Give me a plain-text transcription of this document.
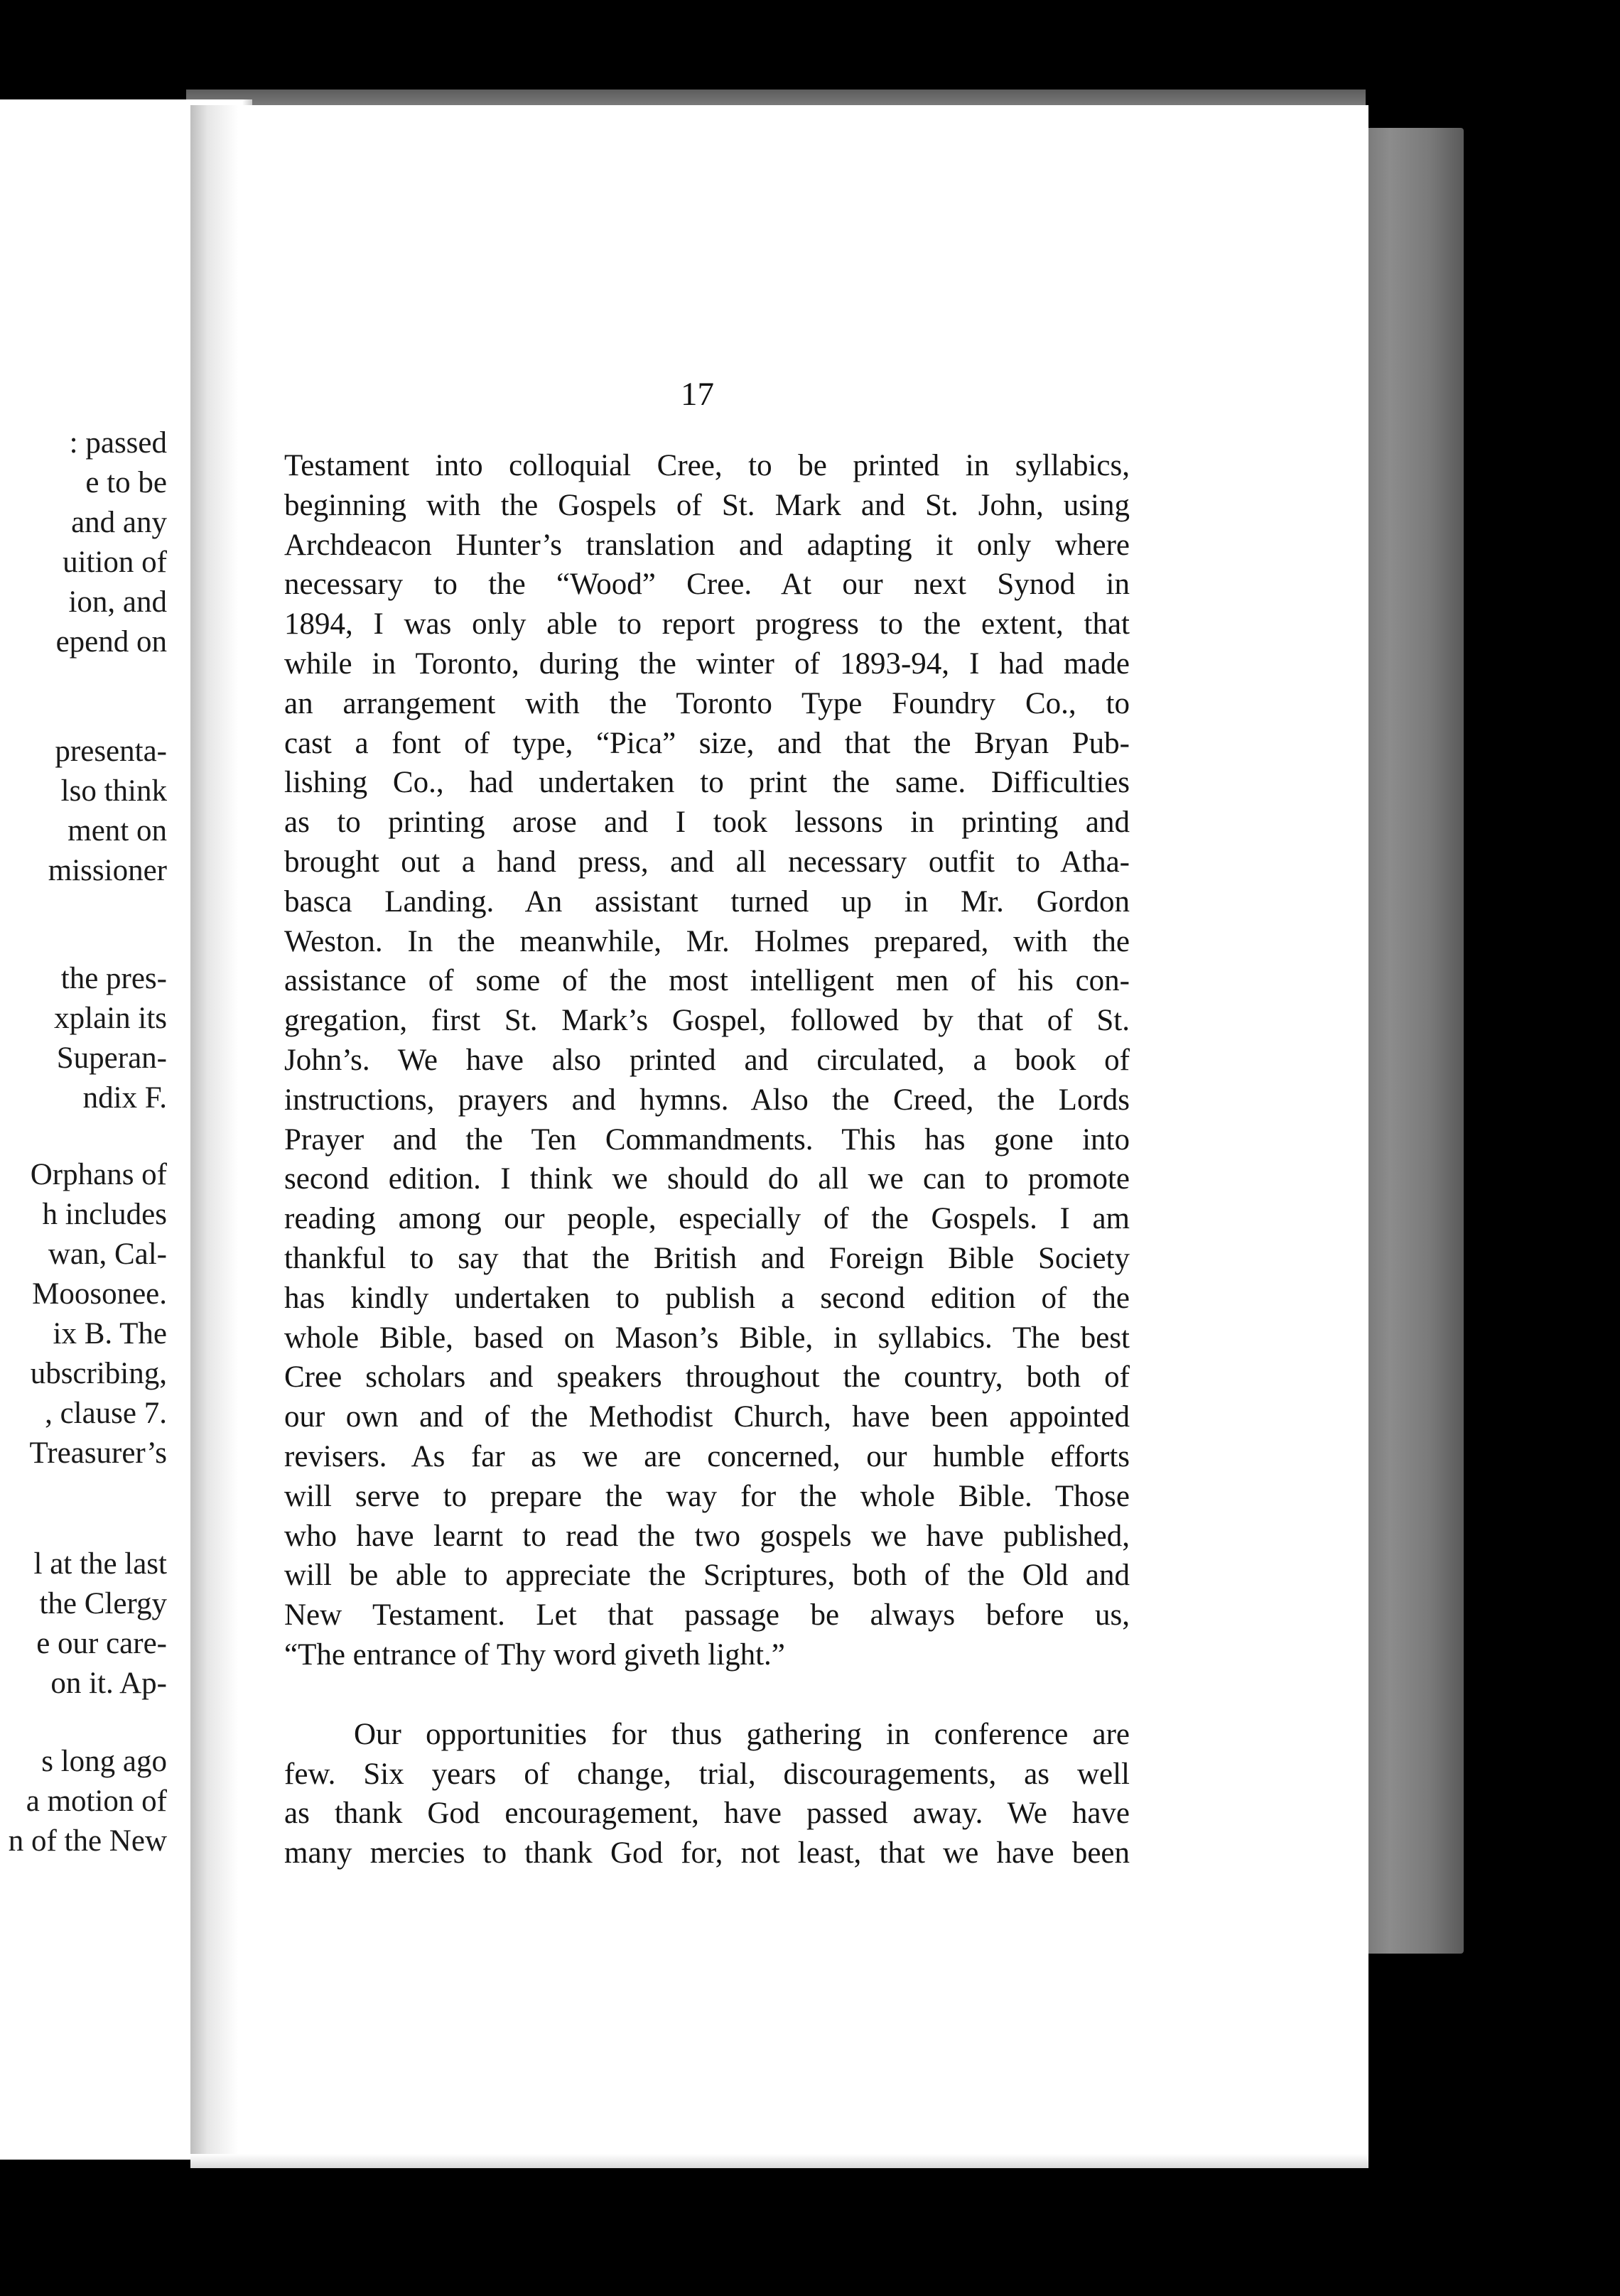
: passed
e to be
and any
uition of
ion, and
epend on
presenta-
lso think
ment on
missioner
the pres-
xplain its
Superan-
ndix F.
Orphans of
h includes
wan, Cal-
Moosonee.
ix B. The
ubscribing,
, clause 7.
Treasurer’s
l at the last
the Clergy
e our care-
on it. Ap-
s long ago
a motion of
n of the New
17
Testament into colloquial Cree, to be printed in syllabics,
beginning with the Gospels of St. Mark and St. John, using
Archdeacon Hunter’s translation and adapting it only where
necessary to the “Wood” Cree. At our next Synod in
1894, I was only able to report progress to the extent, that
while in Toronto, during the winter of 1893-94, I had made
an arrangement with the Toronto Type Foundry Co., to
cast a font of type, “Pica” size, and that the Bryan Pub-
lishing Co., had undertaken to print the same. Difficulties
as to printing arose and I took lessons in printing and
brought out a hand press, and all necessary outfit to Atha-
basca Landing. An assistant turned up in Mr. Gordon
Weston. In the meanwhile, Mr. Holmes prepared, with the
assistance of some of the most intelligent men of his con-
gregation, first St. Mark’s Gospel, followed by that of St.
John’s. We have also printed and circulated, a book of
instructions, prayers and hymns. Also the Creed, the Lords
Prayer and the Ten Commandments. This has gone into
second edition. I think we should do all we can to promote
reading among our people, especially of the Gospels. I am
thankful to say that the British and Foreign Bible Society
has kindly undertaken to publish a second edition of the
whole Bible, based on Mason’s Bible, in syllabics. The best
Cree scholars and speakers throughout the country, both of
our own and of the Methodist Church, have been appointed
revisers. As far as we are concerned, our humble efforts
will serve to prepare the way for the whole Bible. Those
who have learnt to read the two gospels we have published,
will be able to appreciate the Scriptures, both of the Old and
New Testament. Let that passage be always before us,
“The entrance of Thy word giveth light.”
Our opportunities for thus gathering in conference are
few. Six years of change, trial, discouragements, as well
as thank God encouragement, have passed away. We have
many mercies to thank God for, not least, that we have been
